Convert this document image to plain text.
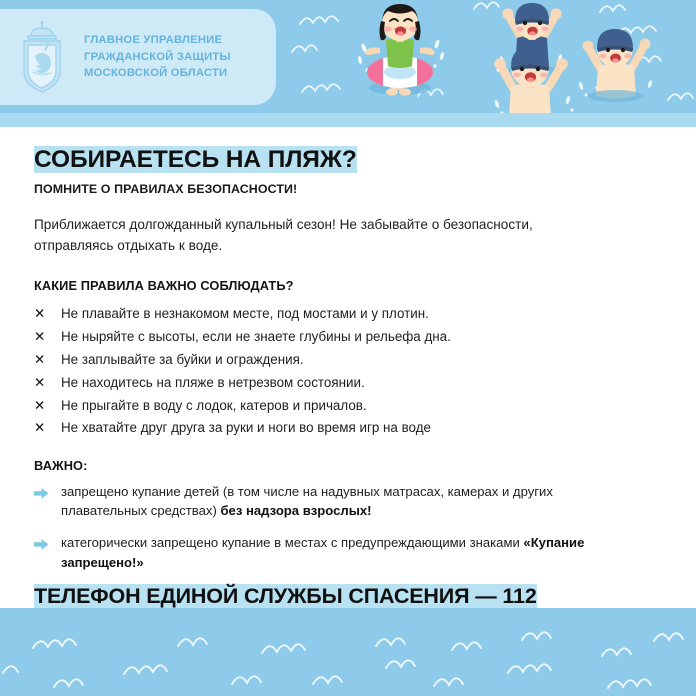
ГЛАВНОЕ УПРАВЛЕНИЕ
ГРАЖДАНСКОЙ ЗАЩИТЫ
МОСКОВСКОЙ ОБЛАСТИ
СОБИРАЕТЕСЬ НА ПЛЯЖ?
ПОМНИТЕ О ПРАВИЛАХ БЕЗОПАСНОСТИ!
Приближается долгожданный купальный сезон! Не забывайте о безопасности, отправляясь отдыхать к воде.
КАКИЕ ПРАВИЛА ВАЖНО СОБЛЮДАТЬ?
✕	Не плавайте в незнакомом месте, под мостами и у плотин.
✕	Не ныряйте с высоты, если не знаете глубины и рельефа дна.
✕	Не заплывайте за буйки и ограждения.
✕	Не находитесь на пляже в нетрезвом состоянии.
✕	Не прыгайте в воду с лодок, катеров и причалов.
✕	Не хватайте друг друга за руки и ноги во время игр на воде
ВАЖНО:
запрещено купание детей (в том числе на надувных матрасах, камерах и других плавательных средствах) без надзора взрослых!
категорически запрещено купание в местах с предупреждающими знаками «Купание запрещено!»
ТЕЛЕФОН ЕДИНОЙ СЛУЖБЫ СПАСЕНИЯ — 112
